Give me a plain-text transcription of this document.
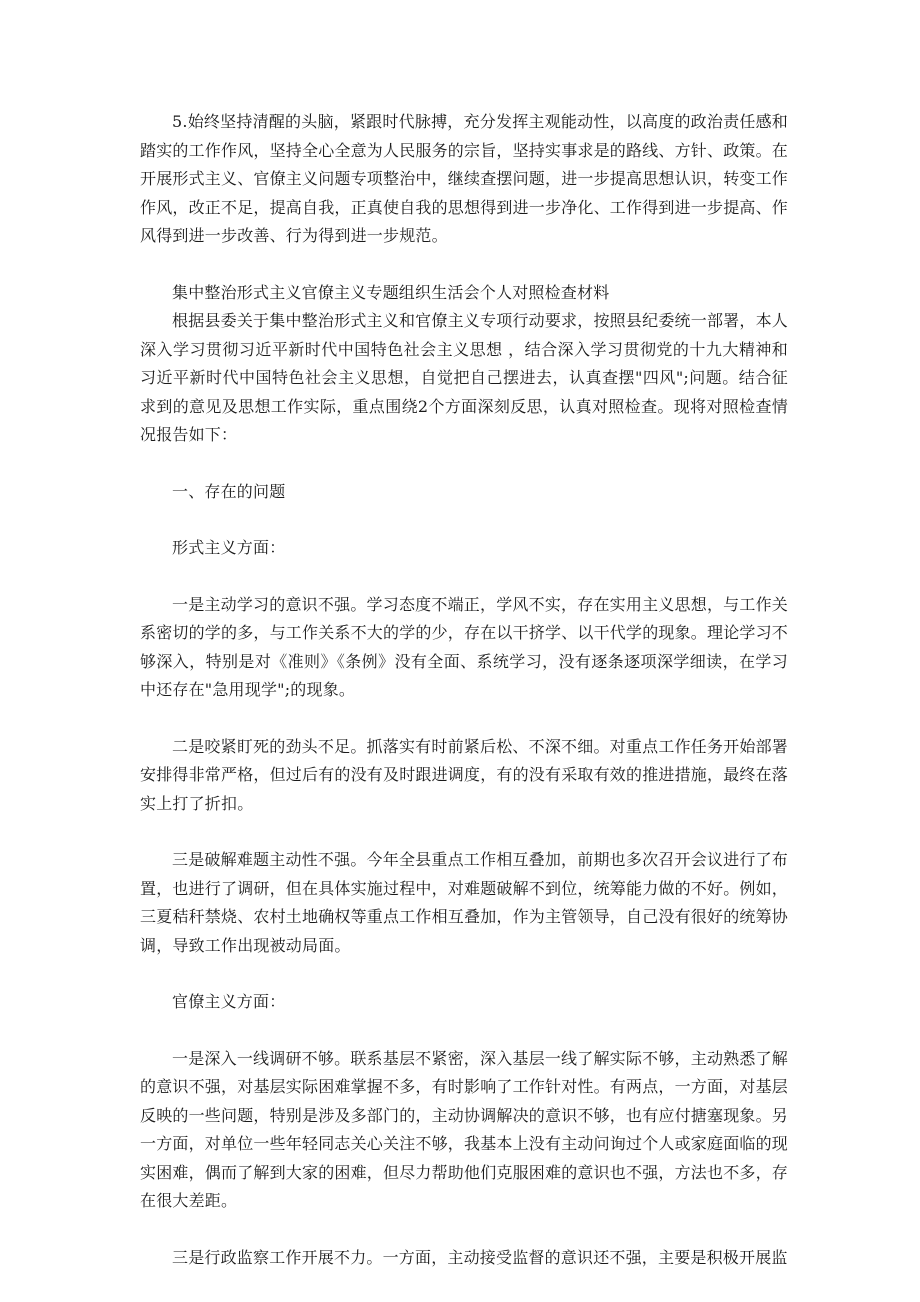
5.始终坚持清醒的头脑，紧跟时代脉搏，充分发挥主观能动性，以高度的政治责任感和踏实的工作作风，坚持全心全意为人民服务的宗旨，坚持实事求是的路线、方针、政策。在开展形式主义、官僚主义问题专项整治中，继续查摆问题，进一步提高思想认识，转变工作作风，改正不足，提高自我，正真使自我的思想得到进一步净化、工作得到进一步提高、作风得到进一步改善、行为得到进一步规范。

集中整治形式主义官僚主义专题组织生活会个人对照检查材料

根据县委关于集中整治形式主义和官僚主义专项行动要求，按照县纪委统一部署，本人深入学习贯彻习近平新时代中国特色社会主义思想 ，结合深入学习贯彻党的十九大精神和习近平新时代中国特色社会主义思想，自觉把自己摆进去，认真查摆"四风";问题。结合征求到的意见及思想工作实际，重点围绕2个方面深刻反思，认真对照检查。现将对照检查情况报告如下：

一、存在的问题

形式主义方面：

一是主动学习的意识不强。学习态度不端正，学风不实，存在实用主义思想，与工作关系密切的学的多，与工作关系不大的学的少，存在以干挤学、以干代学的现象。理论学习不够深入，特别是对《准则》《条例》没有全面、系统学习，没有逐条逐项深学细读，在学习中还存在"急用现学";的现象。

二是咬紧盯死的劲头不足。抓落实有时前紧后松、不深不细。对重点工作任务开始部署安排得非常严格，但过后有的没有及时跟进调度，有的没有采取有效的推进措施，最终在落实上打了折扣。

三是破解难题主动性不强。今年全县重点工作相互叠加，前期也多次召开会议进行了布置，也进行了调研，但在具体实施过程中，对难题破解不到位，统筹能力做的不好。例如，三夏秸秆禁烧、农村土地确权等重点工作相互叠加，作为主管领导，自己没有很好的统筹协调，导致工作出现被动局面。

官僚主义方面：

一是深入一线调研不够。联系基层不紧密，深入基层一线了解实际不够，主动熟悉了解的意识不强，对基层实际困难掌握不多，有时影响了工作针对性。有两点，一方面，对基层反映的一些问题，特别是涉及多部门的，主动协调解决的意识不够，也有应付搪塞现象。另一方面，对单位一些年轻同志关心关注不够，我基本上没有主动问询过个人或家庭面临的现实困难，偶而了解到大家的困难，但尽力帮助他们克服困难的意识也不强，方法也不多，存在很大差距。

三是行政监察工作开展不力。一方面，主动接受监督的意识还不强，主要是积极开展监
